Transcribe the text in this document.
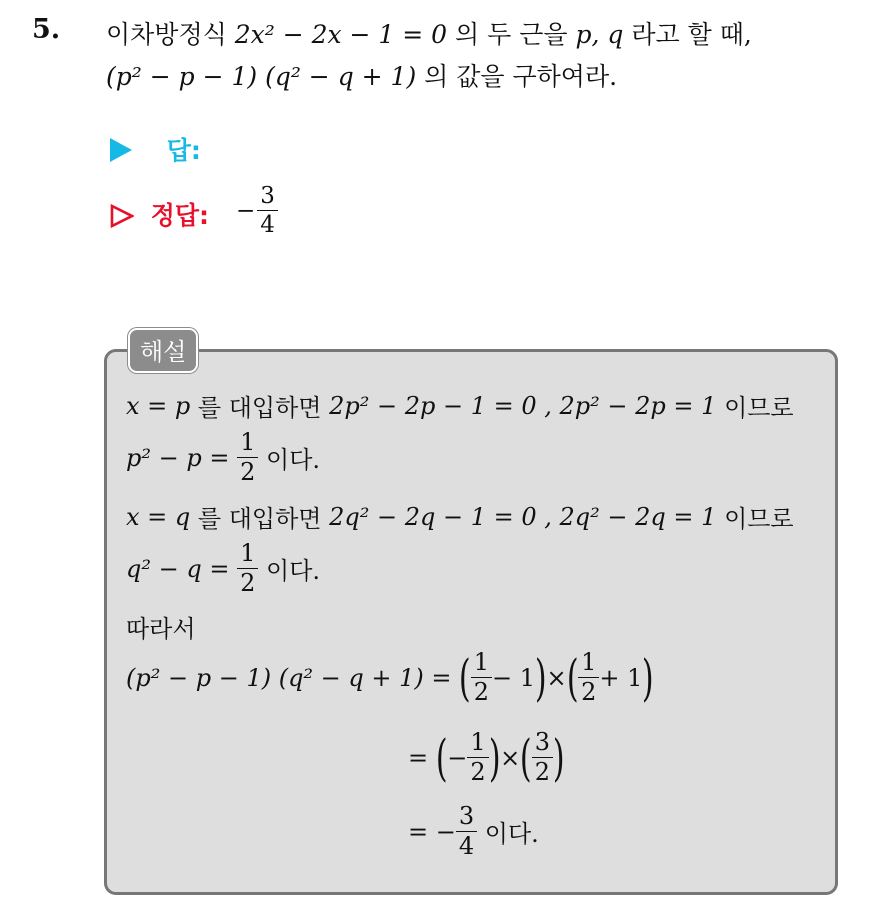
5. 이차방정식 2x² − 2x − 1 = 0 의 두 근을 p, q 라고 할 때,
(p² − p − 1) (q² − q + 1) 의 값을 구하여라.
답:
정답: − $\frac{3}{4}$
해설
x = p
를 대입하면
2p² − 2p − 1 = 0 , 2p² − 2p = 1
이므로
p² − p =
$\frac{1}{2}$
이다.
x = q
를 대입하면
2q² − 2q − 1 = 0 , 2q² − 2q = 1
이므로
q² − q =
$\frac{1}{2}$
이다.
따라서
(p² − p − 1) (q² − q + 1) =
( $\frac{1}{2} - 1$ ) × ( $\frac{1}{2} + 1$ )
=
( − $\frac{1}{2}$ ) × ( $\frac{3}{2}$ )
= − $\frac{3}{4}$
이다.
